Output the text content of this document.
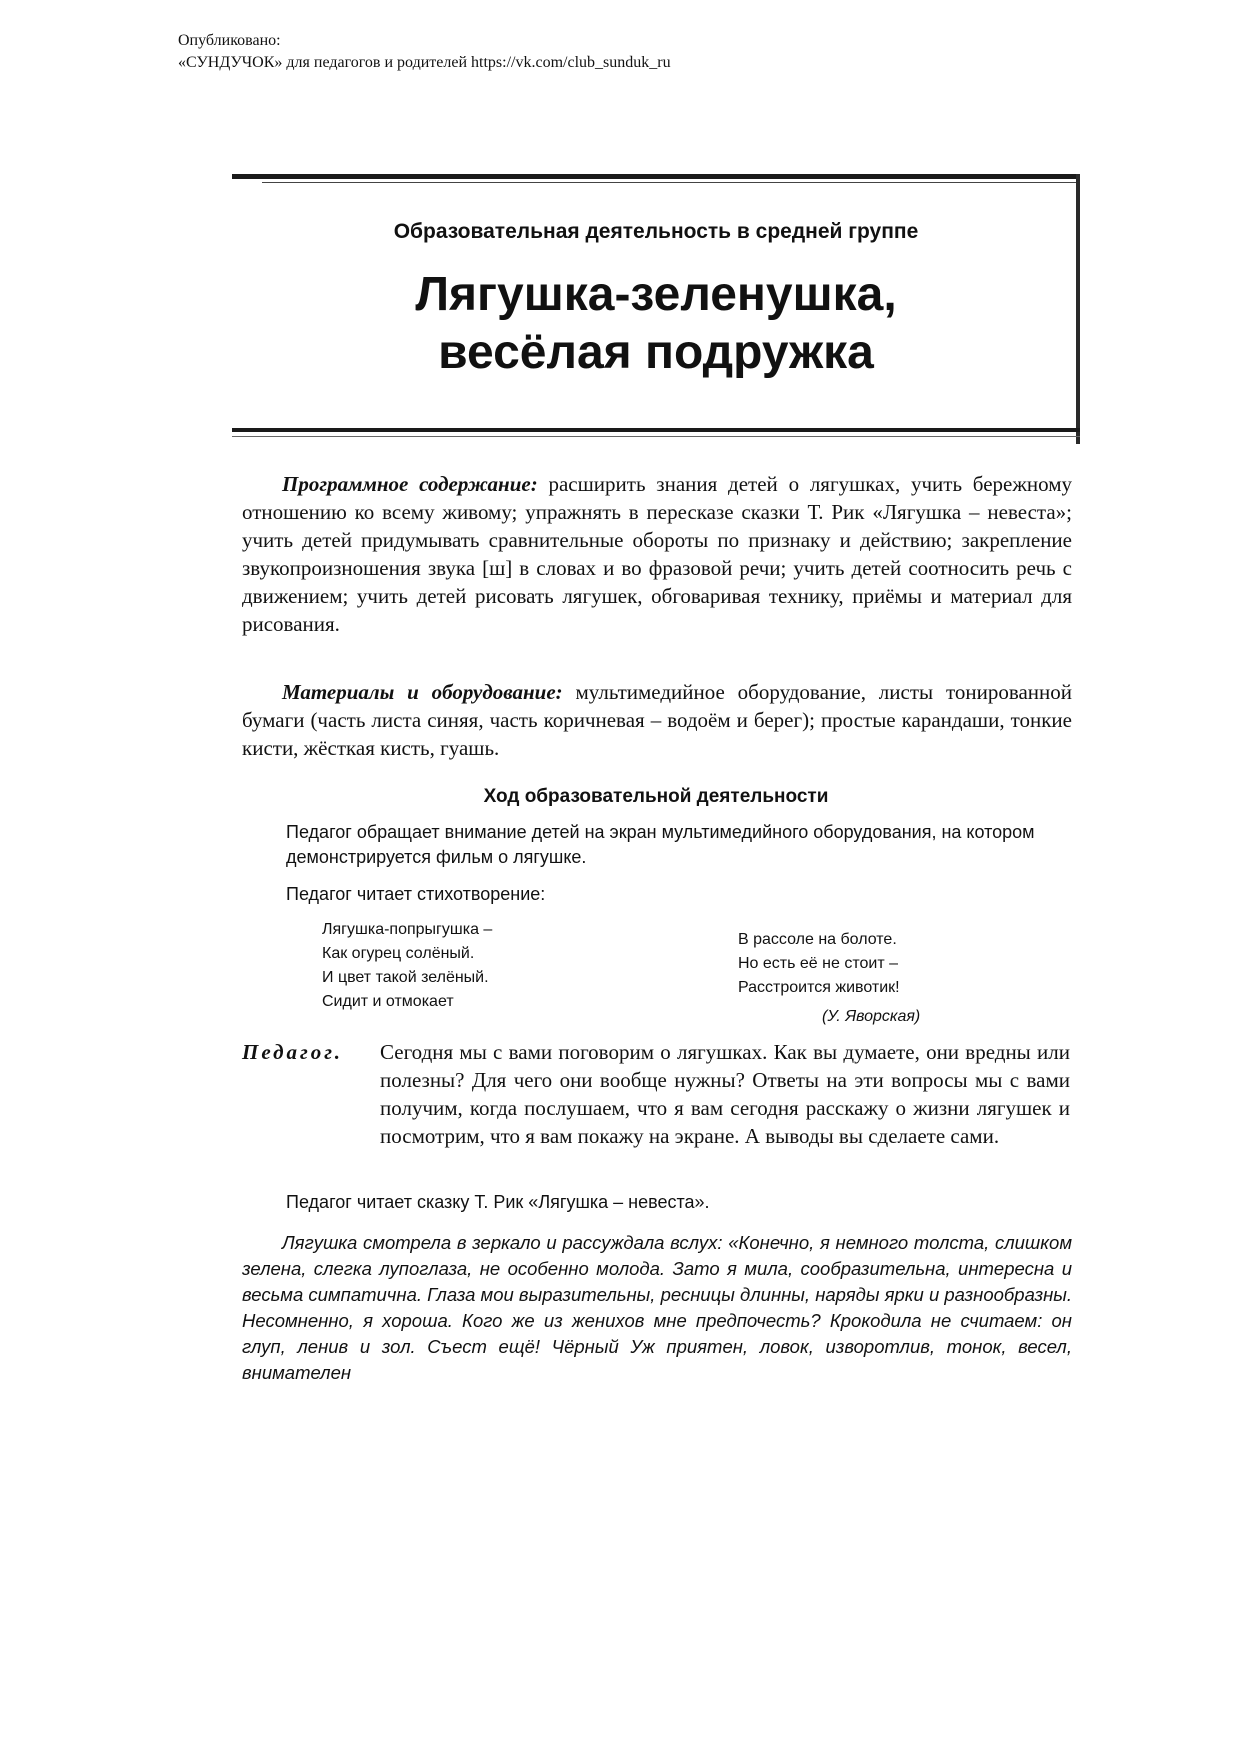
Опубликовано:
«СУНДУЧОК» для педагогов и родителей https://vk.com/club_sunduk_ru
Образовательная деятельность в средней группе
Лягушка-зеленушка,
весёлая подружка

Программное содержание: расширить знания детей о лягушках, учить бережному отношению ко всему живому; упражнять в пересказе сказки Т. Рик «Лягушка – невеста»; учить детей придумывать сравнительные обороты по признаку и действию; закрепление звукопроизношения звука [ш] в словах и во фразовой речи; учить детей соотносить речь с движением; учить детей рисовать лягушек, обговаривая технику, приёмы и материал для рисования.

Материалы и оборудование: мультимедийное оборудование, листы тонированной бумаги (часть листа синяя, часть коричневая – водоём и берег); простые карандаши, тонкие кисти, жёсткая кисть, гуашь.

Ход образовательной деятельности
Педагог обращает внимание детей на экран мультимедийного оборудования, на котором демонстрируется фильм о лягушке.
Педагог читает стихотворение:
Лягушка-попрыгушка –
Как огурец солёный.
И цвет такой зелёный.
Сидит и отмокает
В рассоле на болоте.
Но есть её не стоит –
Расстроится животик!
(У. Яворская)
Педагог. Сегодня мы с вами поговорим о лягушках. Как вы думаете, они вредны или полезны? Для чего они вообще нужны? Ответы на эти вопросы мы с вами получим, когда послушаем, что я вам сегодня расскажу о жизни лягушек и посмотрим, что я вам покажу на экране. А выводы вы сделаете сами.
Педагог читает сказку Т. Рик «Лягушка – невеста».
Лягушка смотрела в зеркало и рассуждала вслух: «Конечно, я немного толста, слишком зелена, слегка лупоглаза, не особенно молода. Зато я мила, сообразительна, интересна и весьма симпатична. Глаза мои выразительны, ресницы длинны, наряды ярки и разнообразны. Несомненно, я хороша. Кого же из женихов мне предпочесть? Крокодила не считаем: он глуп, ленив и зол. Съест ещё! Чёрный Уж приятен, ловок, изворотлив, тонок, весел, внимателен
